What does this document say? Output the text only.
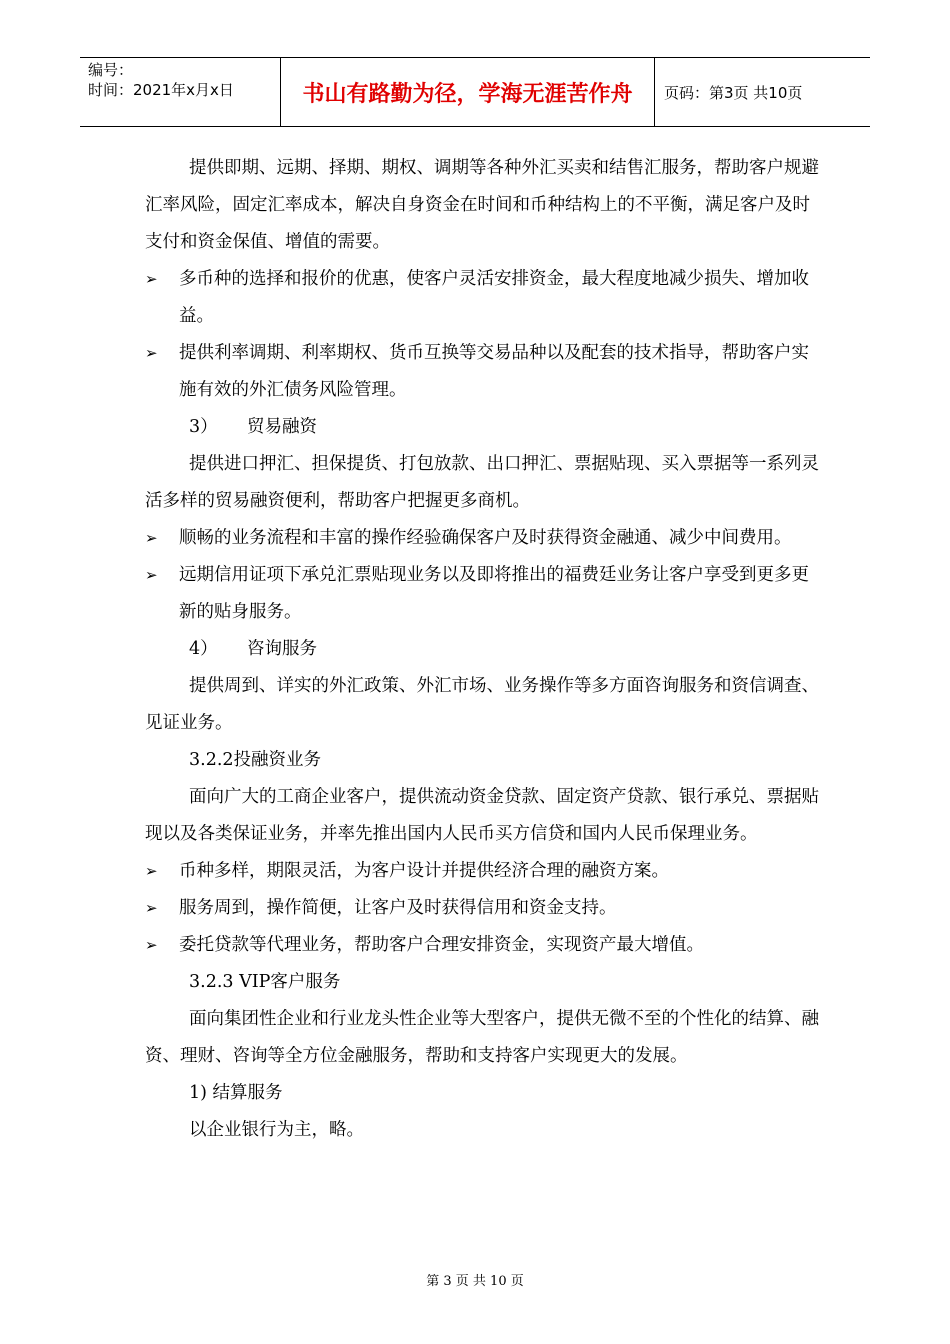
编号：
时间：2021年x月x日	书山有路勤为径，学海无涯苦作舟	页码：第3页 共10页

提供即期、远期、择期、期权、调期等各种外汇买卖和结售汇服务，帮助客户规避汇率风险，固定汇率成本，解决自身资金在时间和币种结构上的不平衡，满足客户及时支付和资金保值、增值的需要。

➢ 多币种的选择和报价的优惠，使客户灵活安排资金，最大程度地减少损失、增加收益。
➢ 提供利率调期、利率期权、货币互换等交易品种以及配套的技术指导，帮助客户实施有效的外汇债务风险管理。

3） 贸易融资

提供进口押汇、担保提货、打包放款、出口押汇、票据贴现、买入票据等一系列灵活多样的贸易融资便利，帮助客户把握更多商机。

➢ 顺畅的业务流程和丰富的操作经验确保客户及时获得资金融通、减少中间费用。
➢ 远期信用证项下承兑汇票贴现业务以及即将推出的福费廷业务让客户享受到更多更新的贴身服务。

4） 咨询服务

提供周到、详实的外汇政策、外汇市场、业务操作等多方面咨询服务和资信调查、见证业务。

3.2.2投融资业务

面向广大的工商企业客户，提供流动资金贷款、固定资产贷款、银行承兑、票据贴现以及各类保证业务，并率先推出国内人民币买方信贷和国内人民币保理业务。

➢ 币种多样，期限灵活，为客户设计并提供经济合理的融资方案。
➢ 服务周到，操作简便，让客户及时获得信用和资金支持。
➢ 委托贷款等代理业务，帮助客户合理安排资金，实现资产最大增值。

3.2.3 VIP客户服务

面向集团性企业和行业龙头性企业等大型客户，提供无微不至的个性化的结算、融资、理财、咨询等全方位金融服务，帮助和支持客户实现更大的发展。

1) 结算服务

以企业银行为主，略。

第 3 页 共 10 页
